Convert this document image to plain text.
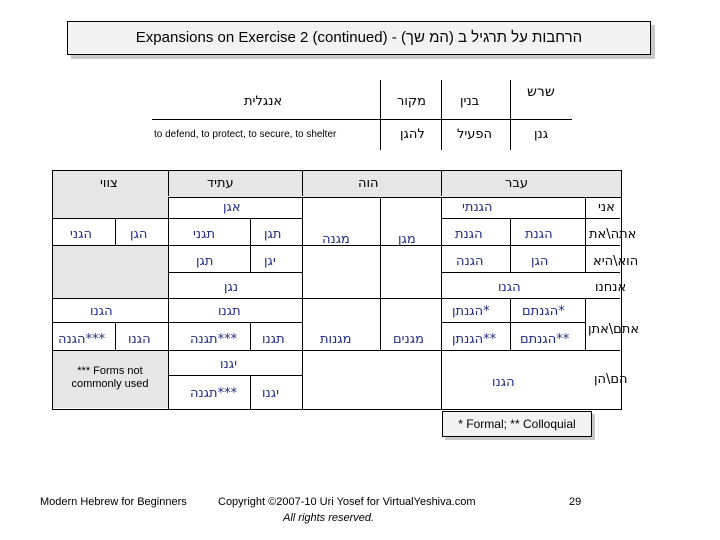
Expansions on Exercise 2 (continued) - הרחבות על תרגיל ב (המ שך)
שרש
בנין
מקור
אנגלית
גנן
הפעיל
להגן
to defend, to protect, to secure, to shelter
עבר
הוה
עתיד
צווי
אני
אתה\את
הוא\היא
אנחנו
אתם\אתן
הם\הן
הגנתי
הגנת
הגנת
הגן
הגנה
הגנו
הגנתם*
הגנתן*
הגנתם**
הגנתן**
הגנו
מגן
מגנה
מגנים
מגנות
אגן
תגן
תגני
יגן
תגן
נגן
תגנו
תגנו
תגנה***
יגנו
יגנו
תגנה***
הגן
הגני
הגנו
הגנו
הגנה***
*** Forms not commonly used
* Formal; ** Colloquial
Modern Hebrew for Beginners	Copyright ©2007-10 Uri Yosef for VirtualYeshiva.com
All rights reserved.
29
